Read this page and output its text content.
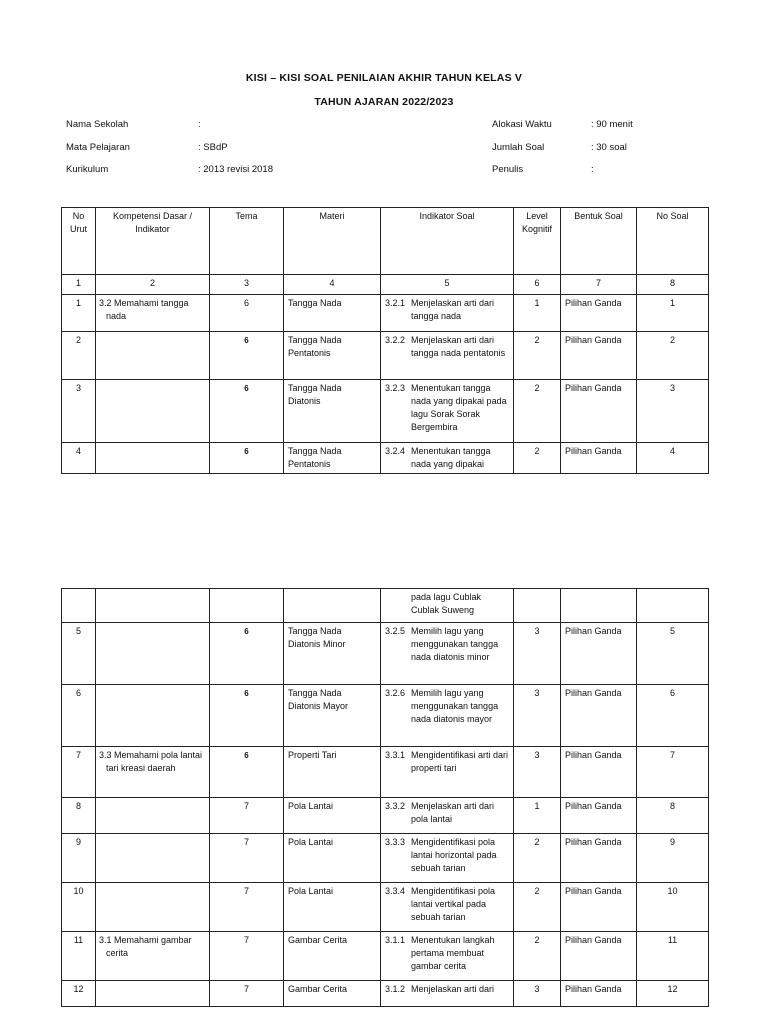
KISI – KISI SOAL PENILAIAN AKHIR TAHUN KELAS V
TAHUN AJARAN 2022/2023
Nama Sekolah	:
Mata Pelajaran	: SBdP
Kurikulum	: 2013 revisi 2018
Alokasi Waktu	: 90 menit
Jumlah Soal	: 30 soal
Penulis	:
No Urut	Kompetensi Dasar / Indikator	Tema	Materi	Indikator Soal	Level Kognitif	Bentuk Soal	No Soal
1	2	3	4	5	6	7	8
1	3.2 Memahami tangga nada	6	Tangga Nada	3.2.1 Menjelaskan arti dari tangga nada	1	Pilihan Ganda	1
2		6	Tangga Nada Pentatonis	3.2.2 Menjelaskan arti dari tangga nada pentatonis	2	Pilihan Ganda	2
3		6	Tangga Nada Diatonis	3.2.3 Menentukan tangga nada yang dipakai pada lagu Sorak Sorak Bergembira	2	Pilihan Ganda	3
4		6	Tangga Nada Pentatonis	3.2.4 Menentukan tangga nada yang dipakai	2	Pilihan Ganda	4

				pada lagu Cublak Cublak Suweng			

5		6	Tangga Nada Diatonis Minor	3.2.5 Memilih lagu yang menggunakan tangga nada diatonis minor	3	Pilihan Ganda	5
6		6	Tangga Nada Diatonis Mayor	3.2.6 Memilih lagu yang menggunakan tangga nada diatonis mayor	3	Pilihan Ganda	6
7	3.3 Memahami pola lantai tari kreasi daerah	6	Properti Tari	3.3.1 Mengidentifikasi arti dari properti tari	3	Pilihan Ganda	7
8		7	Pola Lantai	3.3.2 Menjelaskan arti dari pola lantai	1	Pilihan Ganda	8
9		7	Pola Lantai	3.3.3 Mengidentifikasi pola lantai horizontal pada sebuah tarian	2	Pilihan Ganda	9
10		7	Pola Lantai	3.3.4 Mengidentifikasi pola lantai vertikal pada sebuah tarian	2	Pilihan Ganda	10
11	3.1 Memahami gambar cerita	7	Gambar Cerita	3.1.1 Menentukan langkah pertama membuat gambar cerita	2	Pilihan Ganda	11
12		7	Gambar Cerita	3.1.2 Menjelaskan arti dari	3	Pilihan Ganda	12
